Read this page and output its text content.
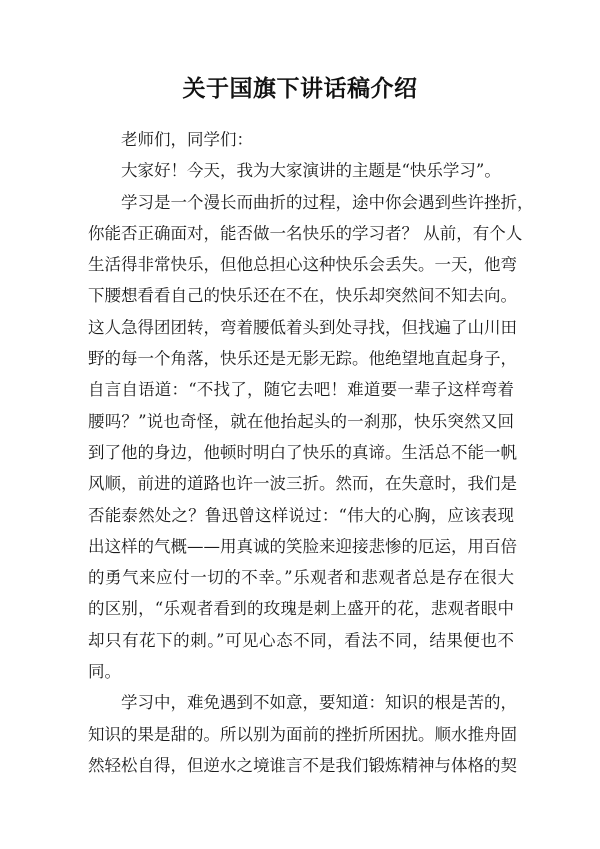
关于国旗下讲话稿介绍
老师们，同学们：
大家好！今天，我为大家演讲的主题是“快乐学习”。
学习是一个漫长而曲折的过程，途中你会遇到些许挫折，
你能否正确面对，能否做一名快乐的学习者？ 从前，有个人
生活得非常快乐，但他总担心这种快乐会丢失。一天，他弯
下腰想看看自己的快乐还在不在，快乐却突然间不知去向。
这人急得团团转，弯着腰低着头到处寻找，但找遍了山川田
野的每一个角落，快乐还是无影无踪。他绝望地直起身子，
自言自语道：“不找了，随它去吧！难道要一辈子这样弯着
腰吗？”说也奇怪，就在他抬起头的一刹那，快乐突然又回
到了他的身边，他顿时明白了快乐的真谛。生活总不能一帆
风顺，前进的道路也许一波三折。然而，在失意时，我们是
否能泰然处之？鲁迅曾这样说过：“伟大的心胸，应该表现
出这样的气概——用真诚的笑脸来迎接悲惨的厄运，用百倍
的勇气来应付一切的不幸。”乐观者和悲观者总是存在很大
的区别，“乐观者看到的玫瑰是刺上盛开的花，悲观者眼中
却只有花下的刺。”可见心态不同，看法不同，结果便也不
同。
学习中，难免遇到不如意，要知道：知识的根是苦的，
知识的果是甜的。所以别为面前的挫折所困扰。顺水推舟固
然轻松自得，但逆水之境谁言不是我们锻炼精神与体格的契
